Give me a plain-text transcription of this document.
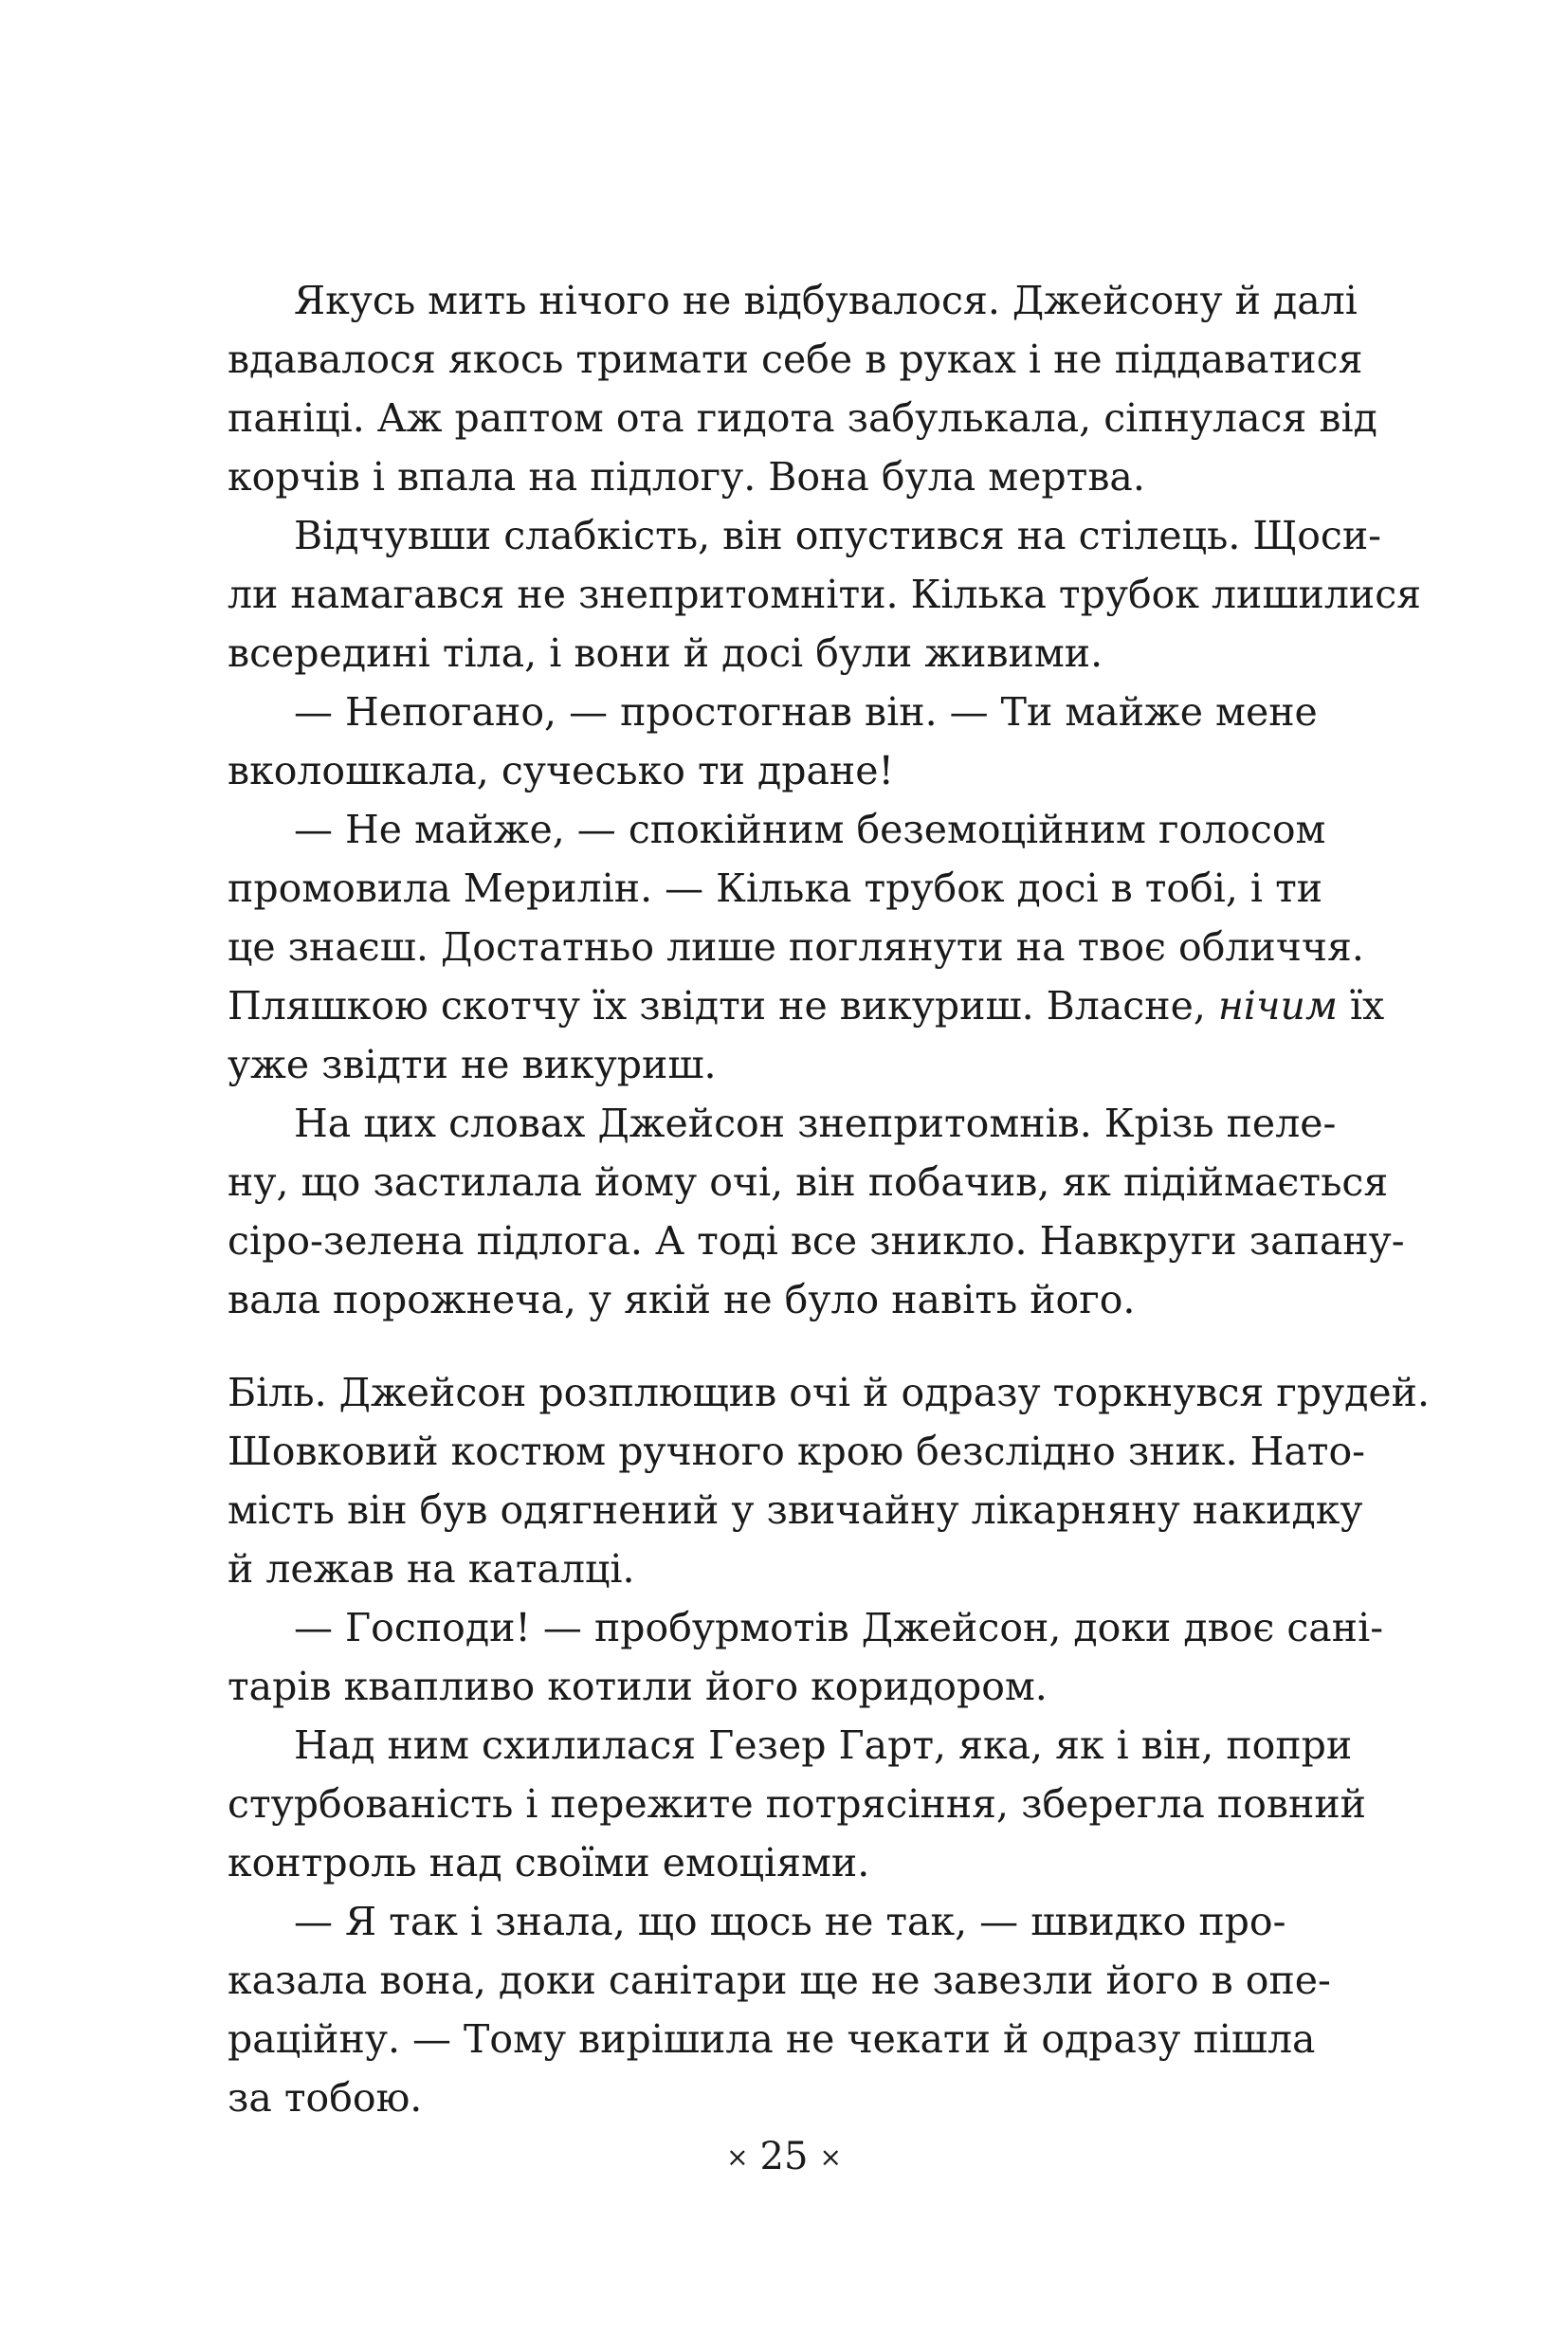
Якусь мить нічого не відбувалося. Джейсону й далі
вдавалося якось тримати себе в руках і не піддаватися
паніці. Аж раптом ота гидота забулькала, сіпнулася від
корчів і впала на підлогу. Вона була мертва.
Відчувши слабкість, він опустився на стілець. Щоси-
ли намагався не знепритомніти. Кілька трубок лишилися
всередині тіла, і вони й досі були живими.
— Непогано, — простогнав він. — Ти майже мене
вколошкала, сучесько ти дране!
— Не майже, — спокійним беземоційним голосом
промовила Мерилін. — Кілька трубок досі в тобі, і ти
це знаєш. Достатньо лише поглянути на твоє обличчя.
Пляшкою скотчу їх звідти не викуриш. Власне, нічим їх
уже звідти не викуриш.
На цих словах Джейсон знепритомнів. Крізь пеле-
ну, що застилала йому очі, він побачив, як підіймається
сіро-зелена підлога. А тоді все зникло. Навкруги запану-
вала порожнеча, у якій не було навіть його.
Біль. Джейсон розплющив очі й одразу торкнувся грудей.
Шовковий костюм ручного крою безслідно зник. Нато-
мість він був одягнений у звичайну лікарняну накидку
й лежав на каталці.
— Господи! — пробурмотів Джейсон, доки двоє сані-
тарів квапливо котили його коридором.
Над ним схилилася Гезер Гарт, яка, як і він, попри
стурбованість і пережите потрясіння, зберегла повний
контроль над своїми емоціями.
— Я так і знала, що щось не так, — швидко про-
казала вона, доки санітари ще не завезли його в опе-
раційну. — Тому вирішила не чекати й одразу пішла
за тобою.
× 25 ×
